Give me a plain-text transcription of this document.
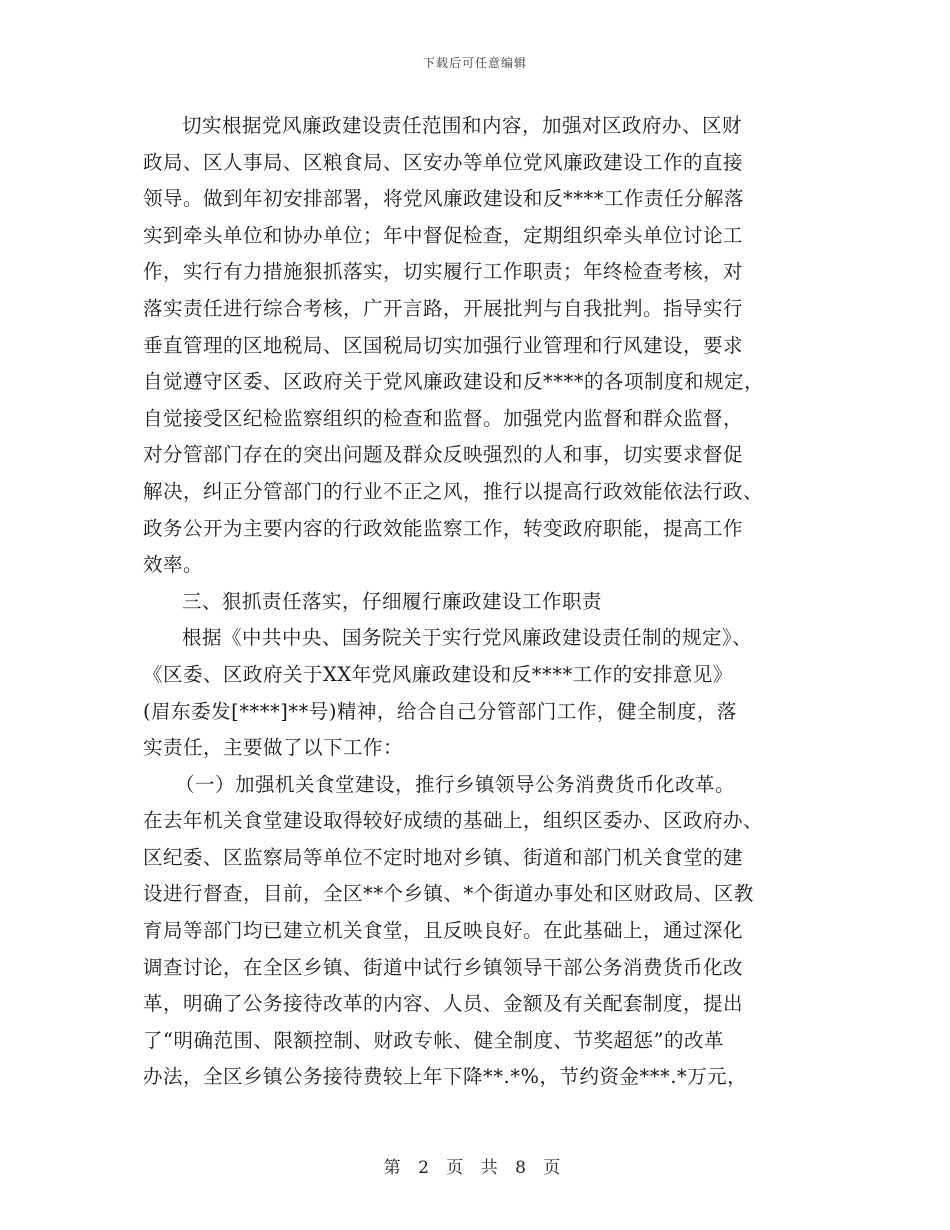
下载后可任意编辑
切实根据党风廉政建设责任范围和内容，加强对区政府办、区财
政局、区人事局、区粮食局、区安办等单位党风廉政建设工作的直接
领导。做到年初安排部署，将党风廉政建设和反****工作责任分解落
实到牵头单位和协办单位；年中督促检查，定期组织牵头单位讨论工
作，实行有力措施狠抓落实，切实履行工作职责；年终检查考核，对
落实责任进行综合考核，广开言路，开展批判与自我批判。指导实行
垂直管理的区地税局、区国税局切实加强行业管理和行风建设，要求
自觉遵守区委、区政府关于党风廉政建设和反****的各项制度和规定，
自觉接受区纪检监察组织的检查和监督。加强党内监督和群众监督，
对分管部门存在的突出问题及群众反映强烈的人和事，切实要求督促
解决，纠正分管部门的行业不正之风，推行以提高行政效能依法行政、
政务公开为主要内容的行政效能监察工作，转变政府职能，提高工作
效率。
三、狠抓责任落实，仔细履行廉政建设工作职责
根据《中共中央、国务院关于实行党风廉政建设责任制的规定》、
《区委、区政府关于XX年党风廉政建设和反****工作的安排意见》
(眉东委发[****]**号)精神，给合自己分管部门工作，健全制度，落
实责任，主要做了以下工作：
（一）加强机关食堂建设，推行乡镇领导公务消费货币化改革。
在去年机关食堂建设取得较好成绩的基础上，组织区委办、区政府办、
区纪委、区监察局等单位不定时地对乡镇、街道和部门机关食堂的建
设进行督查，目前，全区**个乡镇、*个街道办事处和区财政局、区教
育局等部门均已建立机关食堂，且反映良好。在此基础上，通过深化
调查讨论，在全区乡镇、街道中试行乡镇领导干部公务消费货币化改
革，明确了公务接待改革的内容、人员、金额及有关配套制度，提出
了“明确范围、限额控制、财政专帐、健全制度、节奖超惩”的改革
办法，全区乡镇公务接待费较上年下降**.*%，节约资金***.*万元，
第 2 页 共 8 页
